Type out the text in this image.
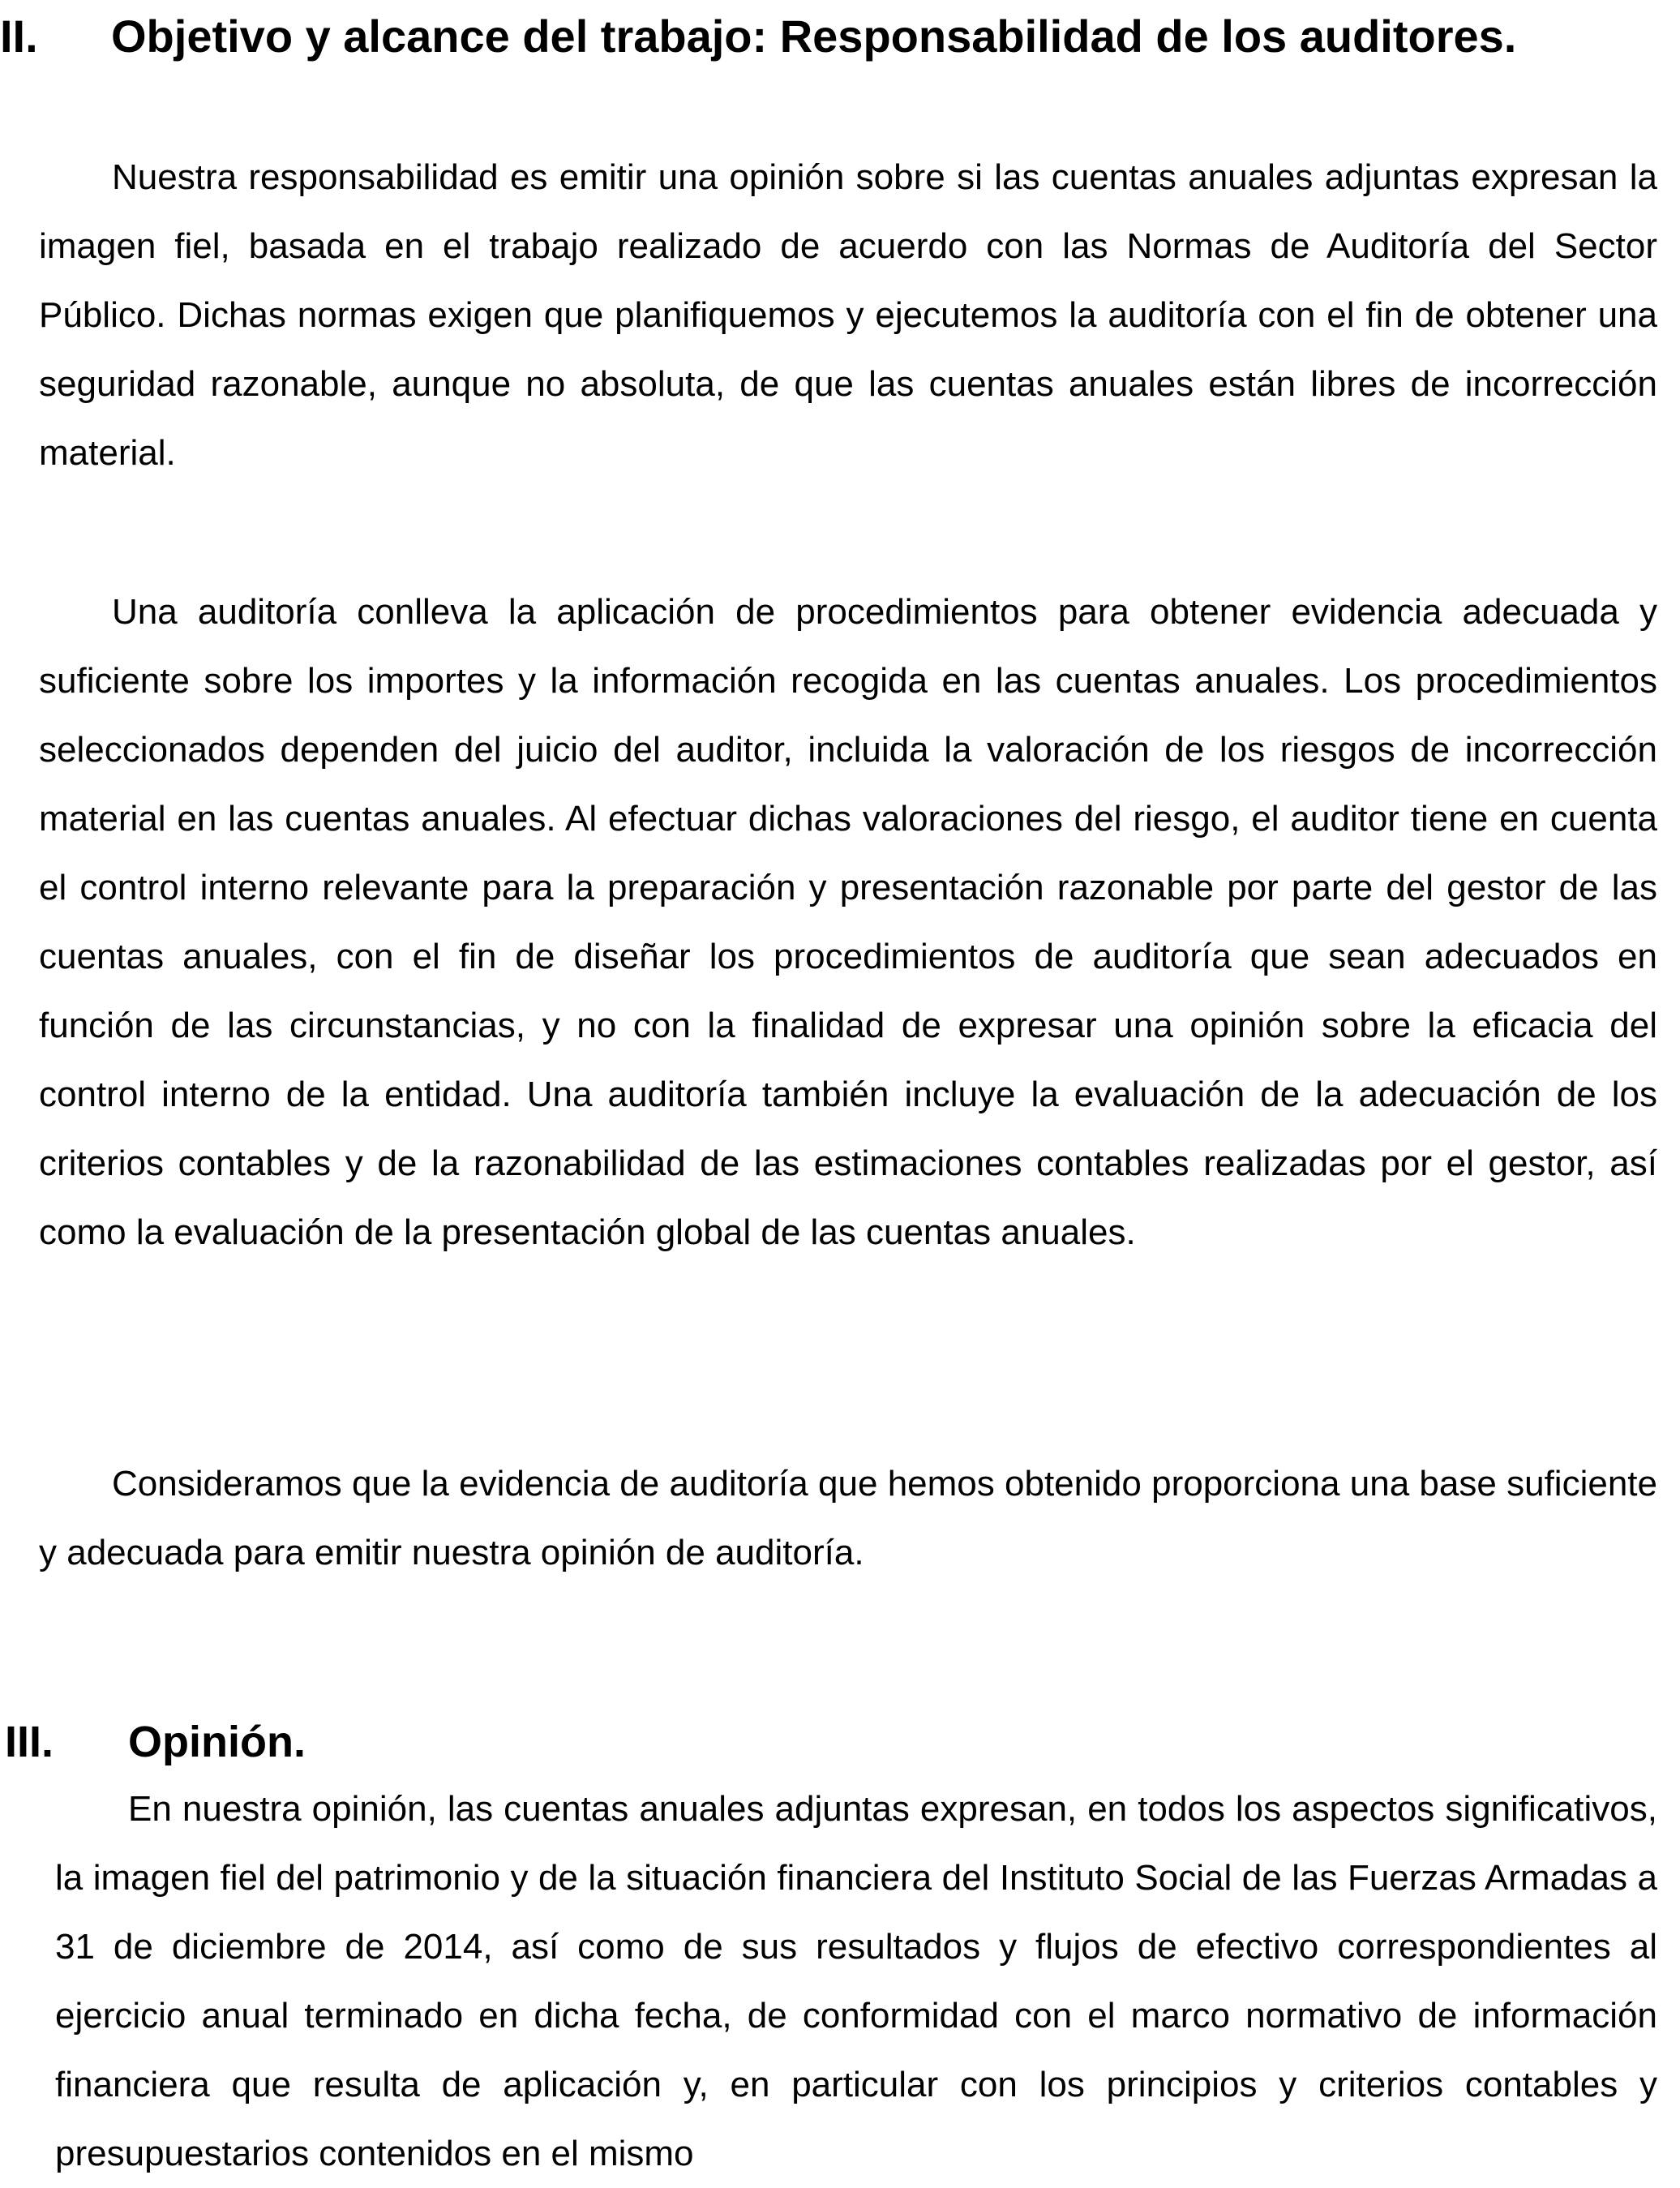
II. Objetivo y alcance del trabajo: Responsabilidad de los auditores.

Nuestra responsabilidad es emitir una opinión sobre si las cuentas anuales adjuntas expresan la imagen fiel, basada en el trabajo realizado de acuerdo con las Normas de Auditoría del Sector Público. Dichas normas exigen que planifiquemos y ejecutemos la auditoría con el fin de obtener una seguridad razonable, aunque no absoluta, de que las cuentas anuales están libres de incorrección material.

Una auditoría conlleva la aplicación de procedimientos para obtener evidencia adecuada y suficiente sobre los importes y la información recogida en las cuentas anuales. Los procedimientos seleccionados dependen del juicio del auditor, incluida la valoración de los riesgos de incorrección material en las cuentas anuales. Al efectuar dichas valoraciones del riesgo, el auditor tiene en cuenta el control interno relevante para la preparación y presentación razonable por parte del gestor de las cuentas anuales, con el fin de diseñar los procedimientos de auditoría que sean adecuados en función de las circunstancias, y no con la finalidad de expresar una opinión sobre la eficacia del control interno de la entidad. Una auditoría también incluye la evaluación de la adecuación de los criterios contables y de la razonabilidad de las estimaciones contables realizadas por el gestor, así como la evaluación de la presentación global de las cuentas anuales.

Consideramos que la evidencia de auditoría que hemos obtenido proporciona una base suficiente y adecuada para emitir nuestra opinión de auditoría.

III. Opinión.

En nuestra opinión, las cuentas anuales adjuntas expresan, en todos los aspectos significativos, la imagen fiel del patrimonio y de la situación financiera del Instituto Social de las Fuerzas Armadas a 31 de diciembre de 2014, así como de sus resultados y flujos de efectivo correspondientes al ejercicio anual terminado en dicha fecha, de conformidad con el marco normativo de información financiera que resulta de aplicación y, en particular con los principios y criterios contables y presupuestarios contenidos en el mismo
